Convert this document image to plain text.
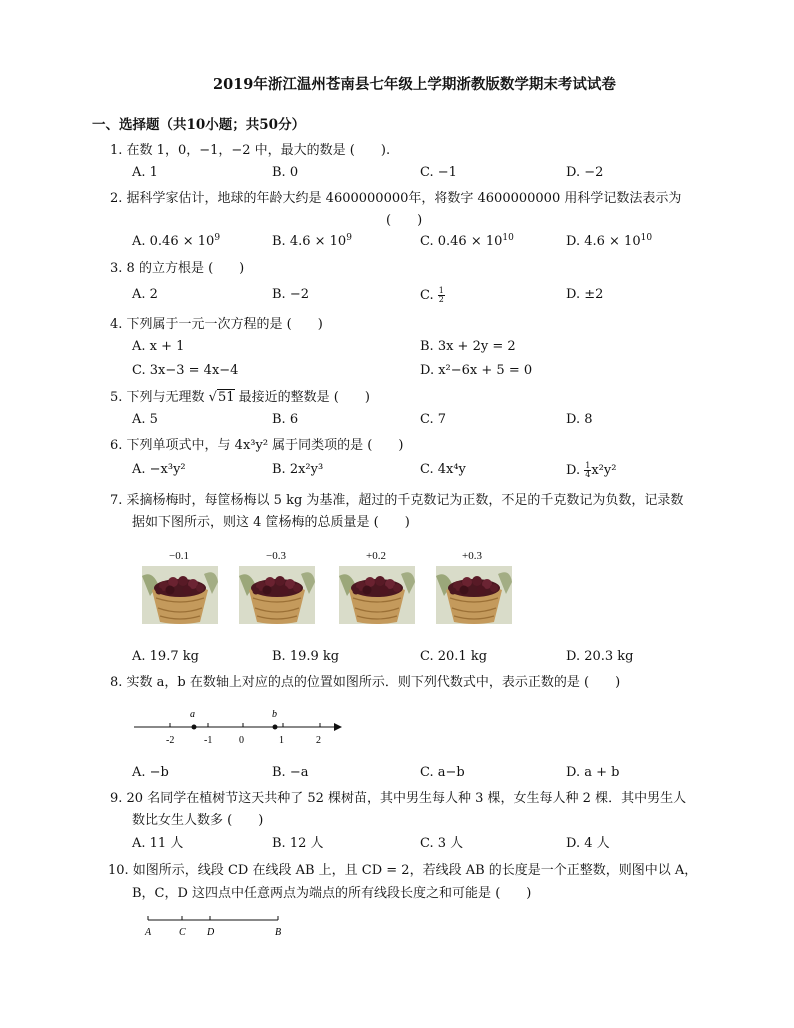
2019年浙江温州苍南县七年级上学期浙教版数学期末考试试卷
一、选择题（共10小题；共50分）
1. 在数 1，0，−1，−2 中，最大的数是 (　　).
A. 1	B. 0	C. −1	D. −2
2. 据科学家估计，地球的年龄大约是 4600000000年，将数字 4600000000 用科学记数法表示为
(　　)
A. $0.46 \times 10^9$	B. $4.6 \times 10^9$	C. $0.46 \times 10^{10}$	D. $4.6 \times 10^{10}$
3. 8 的立方根是 (　　)
A. 2	B. −2	C. $\frac{1}{2}$	D. ±2
4. 下列属于一元一次方程的是 (　　)
A. x + 1	B. 3x + 2y = 2
C. 3x−3 = 4x−4	D. x²−6x + 5 = 0
5. 下列与无理数 √51 最接近的整数是 (　　)
A. 5	B. 6	C. 7	D. 8
6. 下列单项式中，与 4x³y² 属于同类项的是 (　　)
A. −x³y²	B. 2x²y³	C. 4x⁴y	D. $\frac{1}{4} x^2y^2$
7. 采摘杨梅时，每筐杨梅以 5 kg 为基准，超过的千克数记为正数，不足的千克数记为负数，记录数
据如下图所示，则这 4 筐杨梅的总质量是 (　　)
−0.1	−0.3	+0.2	+0.3
A. 19.7 kg	B. 19.9 kg	C. 20.1 kg	D. 20.3 kg
8. 实数 a，b 在数轴上对应的点的位置如图所示．则下列代数式中，表示正数的是 (　　)
-2	-1	0	1	2
a	b
A. −b	B. −a	C. a−b	D. a + b
9. 20 名同学在植树节这天共种了 52 棵树苗，其中男生每人种 3 棵，女生每人种 2 棵．其中男生人
数比女生人数多 (　　)
A. 11 人	B. 12 人	C. 3 人	D. 4 人
10. 如图所示，线段 CD 在线段 AB 上，且 CD = 2，若线段 AB 的长度是一个正整数，则图中以 A，
B，C，D 这四点中任意两点为端点的所有线段长度之和可能是 (　　)
A	C D	B
